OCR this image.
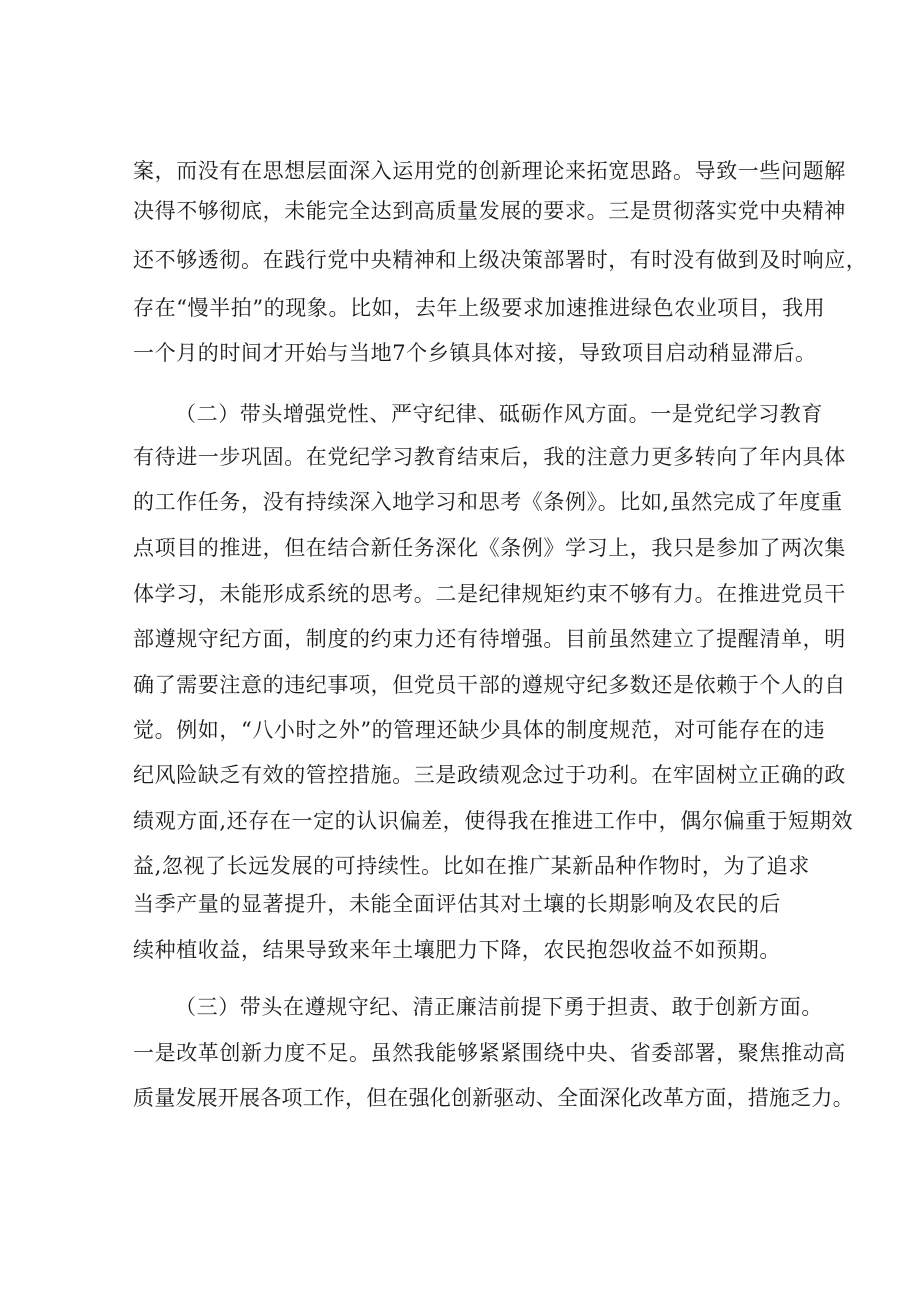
案，而没有在思想层面深入运用党的创新理论来拓宽思路。导致一些问题解
决得不够彻底，未能完全达到高质量发展的要求。三是贯彻落实党中央精神
还不够透彻。在践行党中央精神和上级决策部署时，有时没有做到及时响应，
存在“慢半拍”的现象。比如，去年上级要求加速推进绿色农业项目，我用
一个月的时间才开始与当地7个乡镇具体对接，导致项目启动稍显滞后。
（二）带头增强党性、严守纪律、砥砺作风方面。一是党纪学习教育
有待进一步巩固。在党纪学习教育结束后，我的注意力更多转向了年内具体
的工作任务，没有持续深入地学习和思考《条例》。比如,虽然完成了年度重
点项目的推进，但在结合新任务深化《条例》学习上，我只是参加了两次集
体学习，未能形成系统的思考。二是纪律规矩约束不够有力。在推进党员干
部遵规守纪方面，制度的约束力还有待增强。目前虽然建立了提醒清单，明
确了需要注意的违纪事项，但党员干部的遵规守纪多数还是依赖于个人的自
觉。例如，“八小时之外”的管理还缺少具体的制度规范，对可能存在的违
纪风险缺乏有效的管控措施。三是政绩观念过于功利。在牢固树立正确的政
绩观方面,还存在一定的认识偏差，使得我在推进工作中，偶尔偏重于短期效
益,忽视了长远发展的可持续性。比如在推广某新品种作物时，为了追求
当季产量的显著提升，未能全面评估其对土壤的长期影响及农民的后
续种植收益，结果导致来年土壤肥力下降，农民抱怨收益不如预期。
（三）带头在遵规守纪、清正廉洁前提下勇于担责、敢于创新方面。
一是改革创新力度不足。虽然我能够紧紧围绕中央、省委部署，聚焦推动高
质量发展开展各项工作，但在强化创新驱动、全面深化改革方面，措施乏力。
